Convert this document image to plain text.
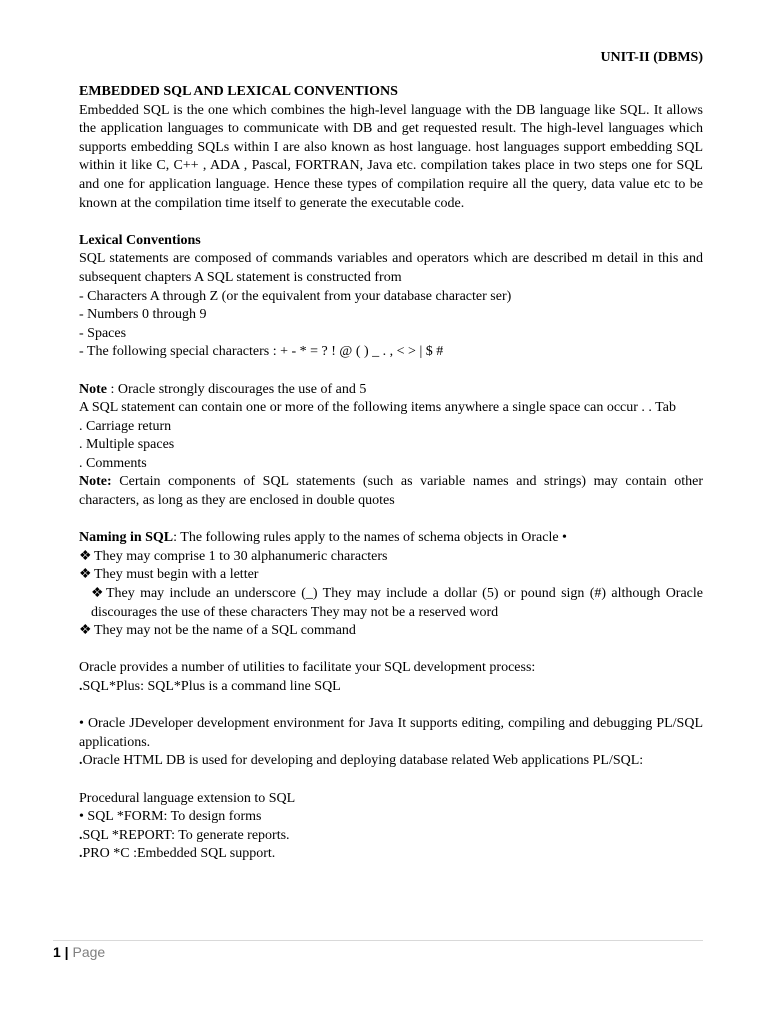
UNIT-II (DBMS)

EMBEDDED SQL AND LEXICAL CONVENTIONS

Embedded SQL is the one which combines the high-level language with the DB language like SQL. It allows the application languages to communicate with DB and get requested result. The high-level languages which supports embedding SQLs within I are also known as host language. host languages support embedding SQL within it like C, C++ , ADA , Pascal, FORTRAN, Java etc. compilation takes place in two steps one for SQL and one for application language. Hence these types of compilation require all the query, data value etc to be known at the compilation time itself to generate the executable code.

Lexical Conventions

SQL statements are composed of commands variables and operators which are described m detail in this and subsequent chapters A SQL statement is constructed from

- Characters A through Z (or the equivalent from your database character ser)

- Numbers 0 through 9

- Spaces

- The following special characters : + - * = ? ! @ ( ) _ . , < > | $ #

Note : Oracle strongly discourages the use of and 5

A SQL statement can contain one or more of the following items anywhere a single space can occur . . Tab

. Carriage return

. Multiple spaces

. Comments

Note: Certain components of SQL statements (such as variable names and strings) may contain other characters, as long as they are enclosed in double quotes

Naming in SQL: The following rules apply to the names of schema objects in Oracle •

❖ They may comprise 1 to 30 alphanumeric characters

❖ They must begin with a letter

❖ They may include an underscore (_) They may include a dollar (5) or pound sign (#) although Oracle discourages the use of these characters They may not be a reserved word

❖ They may not be the name of a SQL command

Oracle provides a number of utilities to facilitate your SQL development process:

.SQL*Plus: SQL*Plus is a command line SQL

• Oracle JDeveloper development environment for Java It supports editing, compiling and debugging PL/SQL applications.

.Oracle HTML DB is used for developing and deploying database related Web applications PL/SQL:

Procedural language extension to SQL

• SQL *FORM: To design forms

.SQL *REPORT: To generate reports.

.PRO *C :Embedded SQL support.

1 | Page
